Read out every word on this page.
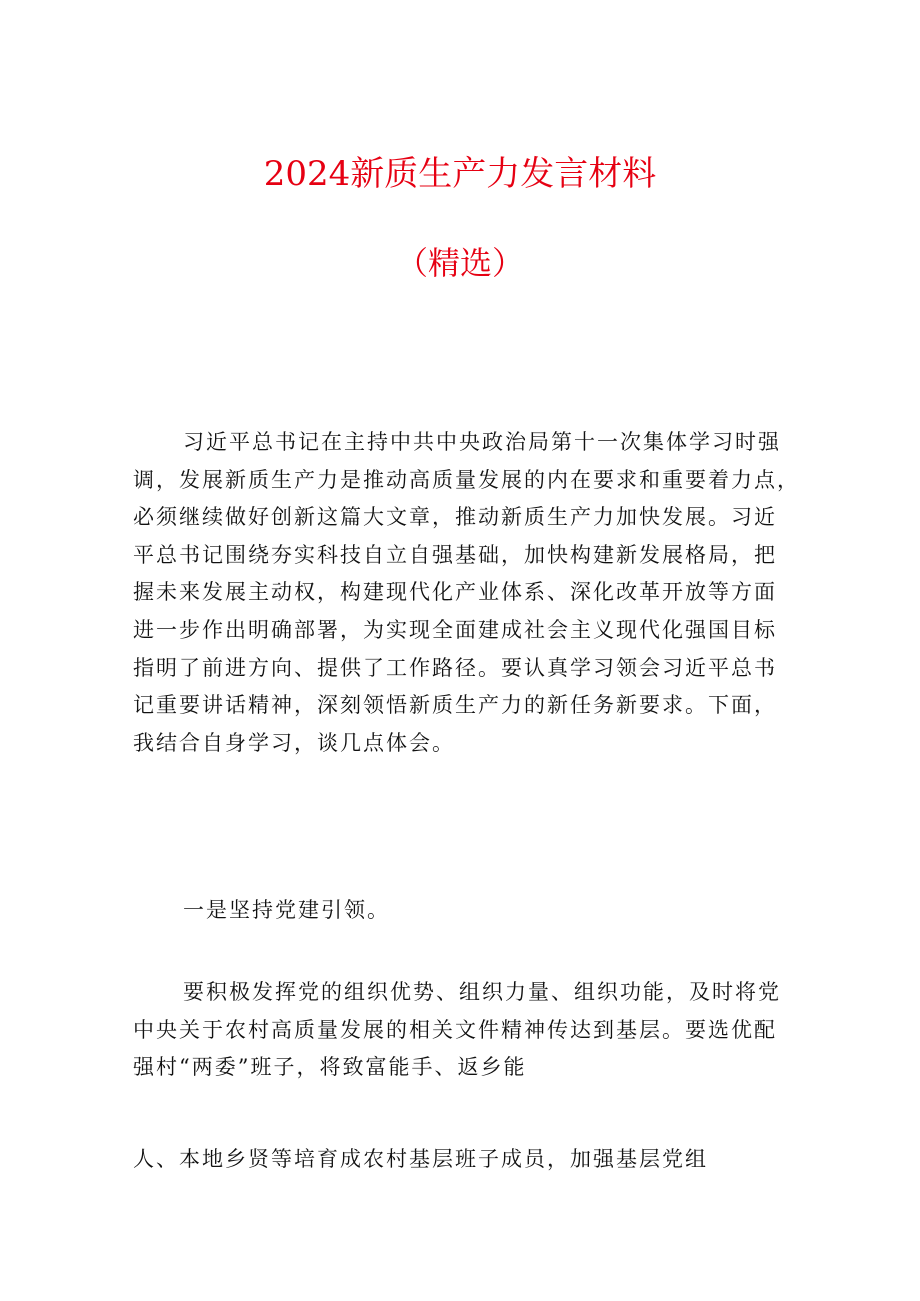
2024新质生产力发言材料
（精选）
习近平总书记在主持中共中央政治局第十一次集体学习时强
调，发展新质生产力是推动高质量发展的内在要求和重要着力点，
必须继续做好创新这篇大文章，推动新质生产力加快发展。习近
平总书记围绕夯实科技自立自强基础，加快构建新发展格局，把
握未来发展主动权，构建现代化产业体系、深化改革开放等方面
进一步作出明确部署，为实现全面建成社会主义现代化强国目标
指明了前进方向、提供了工作路径。要认真学习领会习近平总书
记重要讲话精神，深刻领悟新质生产力的新任务新要求。下面，
我结合自身学习，谈几点体会。
一是坚持党建引领。
要积极发挥党的组织优势、组织力量、组织功能，及时将党
中央关于农村高质量发展的相关文件精神传达到基层。要选优配
强村“两委”班子，将致富能手、返乡能
人、本地乡贤等培育成农村基层班子成员，加强基层党组
